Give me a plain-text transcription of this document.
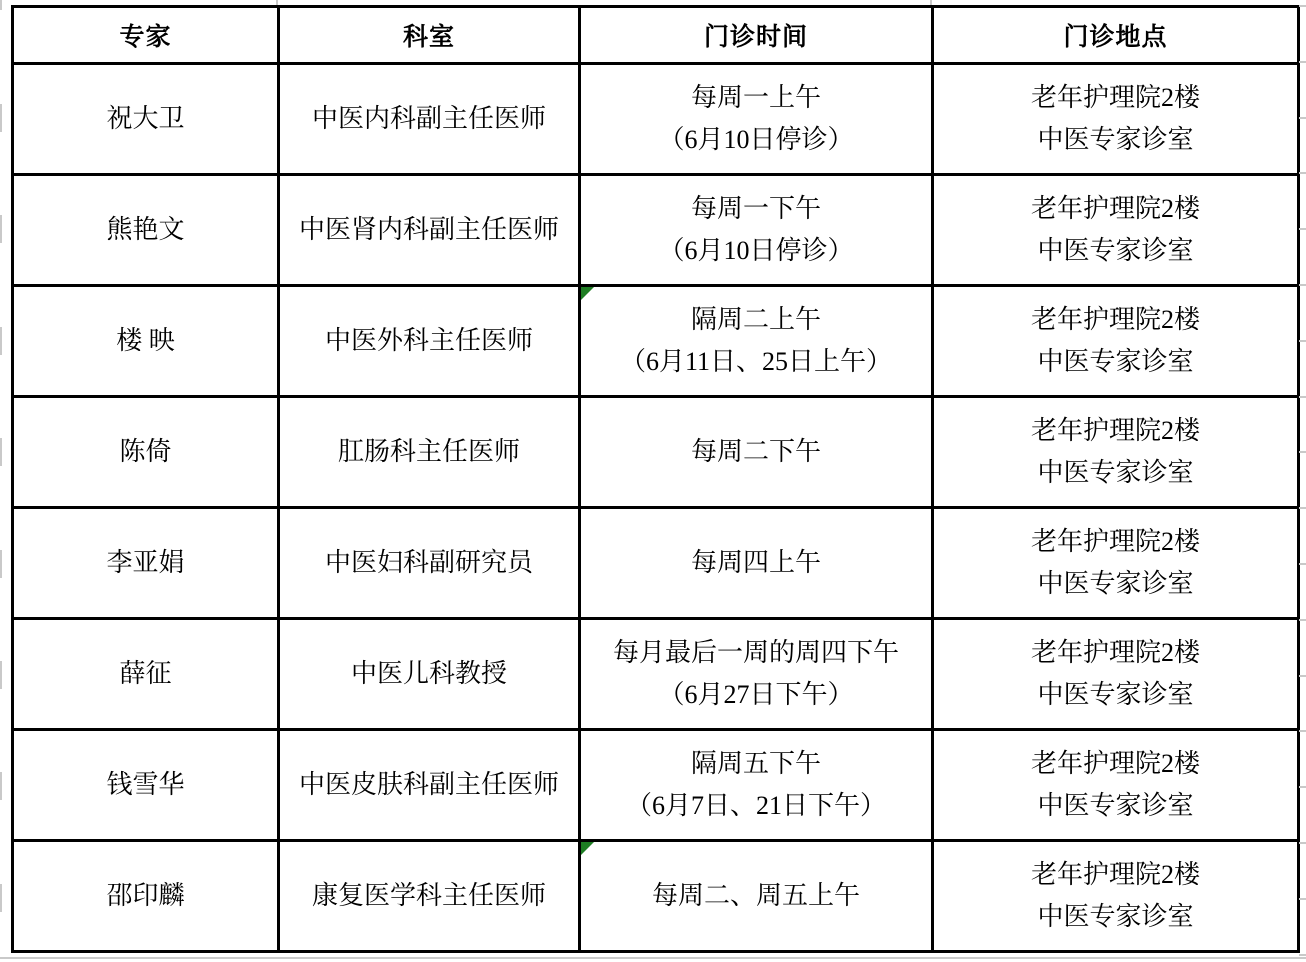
专家	科室	门诊时间	门诊地点
祝大卫	中医内科副主任医师	每周一上午
（6月10日停诊）	老年护理院2楼
中医专家诊室

熊艳文	中医肾内科副主任医师	每周一下午
（6月10日停诊）	老年护理院2楼
中医专家诊室

楼 映	中医外科主任医师	隔周二上午
（6月11日、25日上午）	老年护理院2楼
中医专家诊室

陈倚	肛肠科主任医师	每周二下午	老年护理院2楼
中医专家诊室

李亚娟	中医妇科副研究员	每周四上午	老年护理院2楼
中医专家诊室

薛征	中医儿科教授	每月最后一周的周四下午
（6月27日下午）	老年护理院2楼
中医专家诊室

钱雪华	中医皮肤科副主任医师	隔周五下午
（6月7日、21日下午）	老年护理院2楼
中医专家诊室

邵印麟	康复医学科主任医师	每周二、周五上午	老年护理院2楼
中医专家诊室
